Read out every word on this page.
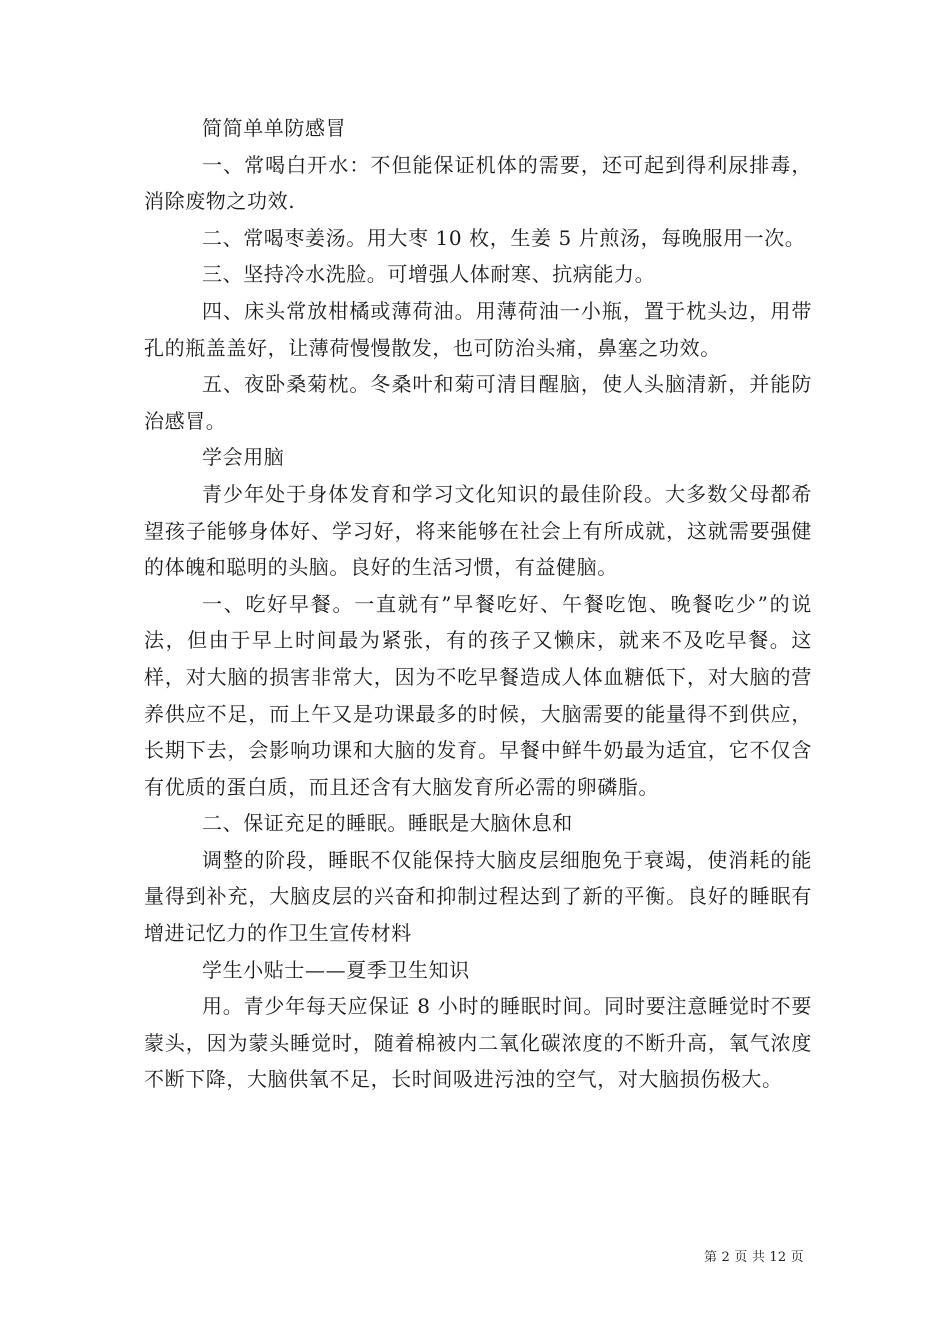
简简单单防感冒

一、常喝白开水：不但能保证机体的需要，还可起到得利尿排毒，消除废物之功效.

二、常喝枣姜汤。用大枣 10 枚，生姜 5 片煎汤，每晚服用一次。

三、坚持冷水洗脸。可增强人体耐寒、抗病能力。

四、床头常放柑橘或薄荷油。用薄荷油一小瓶，置于枕头边，用带孔的瓶盖盖好，让薄荷慢慢散发，也可防治头痛，鼻塞之功效。

五、夜卧桑菊枕。冬桑叶和菊可清目醒脑，使人头脑清新，并能防治感冒。

学会用脑

青少年处于身体发育和学习文化知识的最佳阶段。大多数父母都希望孩子能够身体好、学习好，将来能够在社会上有所成就，这就需要强健的体魄和聪明的头脑。良好的生活习惯，有益健脑。

一、吃好早餐。一直就有”早餐吃好、午餐吃饱、晚餐吃少”的说法，但由于早上时间最为紧张，有的孩子又懒床，就来不及吃早餐。这样，对大脑的损害非常大，因为不吃早餐造成人体血糖低下，对大脑的营养供应不足，而上午又是功课最多的时候，大脑需要的能量得不到供应，长期下去，会影响功课和大脑的发育。早餐中鲜牛奶最为适宜，它不仅含有优质的蛋白质，而且还含有大脑发育所必需的卵磷脂。

二、保证充足的睡眠。睡眠是大脑休息和

调整的阶段，睡眠不仅能保持大脑皮层细胞免于衰竭，使消耗的能量得到补充，大脑皮层的兴奋和抑制过程达到了新的平衡。良好的睡眠有增进记忆力的作卫生宣传材料

学生小贴士——夏季卫生知识

用。青少年每天应保证 8 小时的睡眠时间。同时要注意睡觉时不要蒙头，因为蒙头睡觉时，随着棉被内二氧化碳浓度的不断升高，氧气浓度不断下降，大脑供氧不足，长时间吸进污浊的空气，对大脑损伤极大。

第 2 页 共 12 页
